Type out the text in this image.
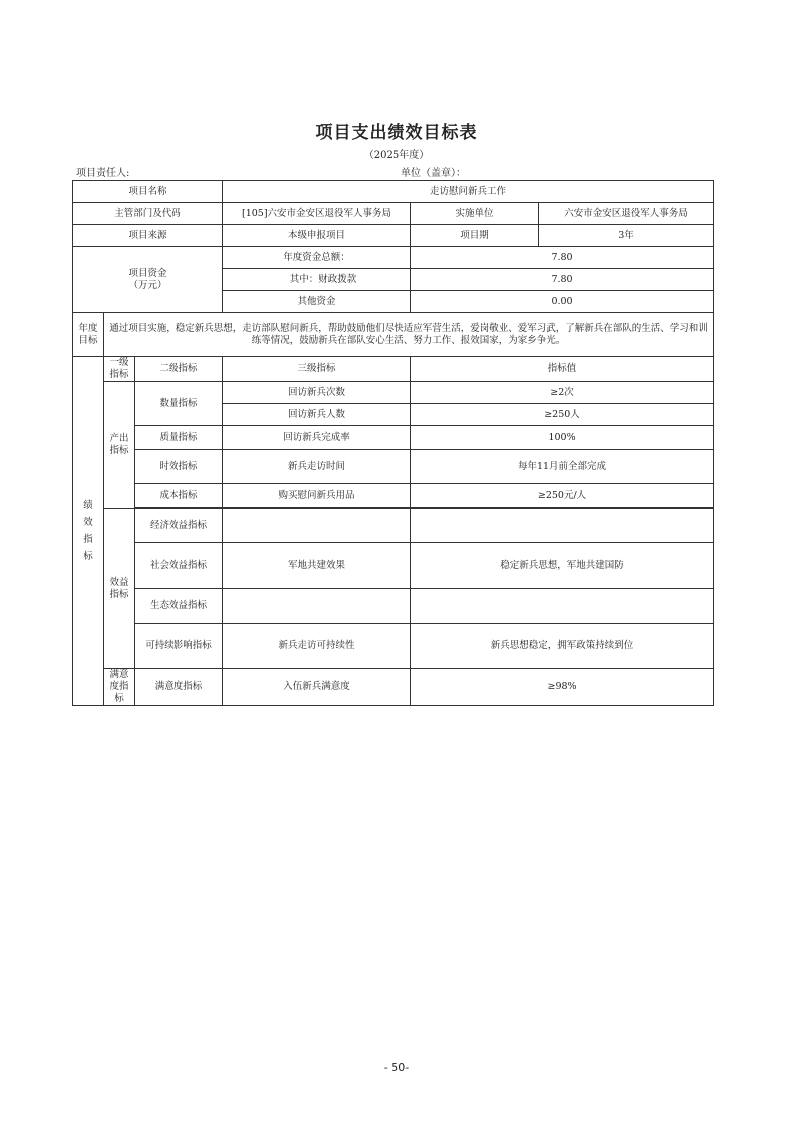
项目支出绩效目标表
（2025年度）
项目责任人:	单位（盖章）：
项目名称			走访慰问新兵工作		
主管部门及代码			[105]六安市金安区退役军人事务局	实施单位	六安市金安区退役军人事务局
项目来源			本级申报项目	项目期	3年

项目资金
（万元）			年度资金总额：	7.80	
			其中：财政拨款	7.80	
			其他资金	0.00	

年度
目标	通过项目实施，稳定新兵思想，走访部队慰问新兵，帮助鼓励他们尽快适应军营生活，爱岗敬业、爱军习武，了解新兵在部队的生活、学习和训练等情况，鼓励新兵在部队安心生活、努力工作、报效国家，为家乡争光。				
绩
效
指
标	一级指标	二级指标	三级指标	指标值	

	产出
指标	数量指标	回访新兵次数	≥2次	
			回访新兵人数	≥250人	
		质量指标	回访新兵完成率	100%	
		时效指标	新兵走访时间	每年11月前全部完成	
		成本指标	购买慰问新兵用品	≥250元/人	

	效益
指标	经济效益指标			
		社会效益指标	军地共建效果	稳定新兵思想，军地共建国防	
		生态效益指标			
		可持续影响指标	新兵走访可持续性	新兵思想稳定，拥军政策持续到位	

	满意
度指
标	满意度指标	入伍新兵满意度	≥98%	
- 50-
